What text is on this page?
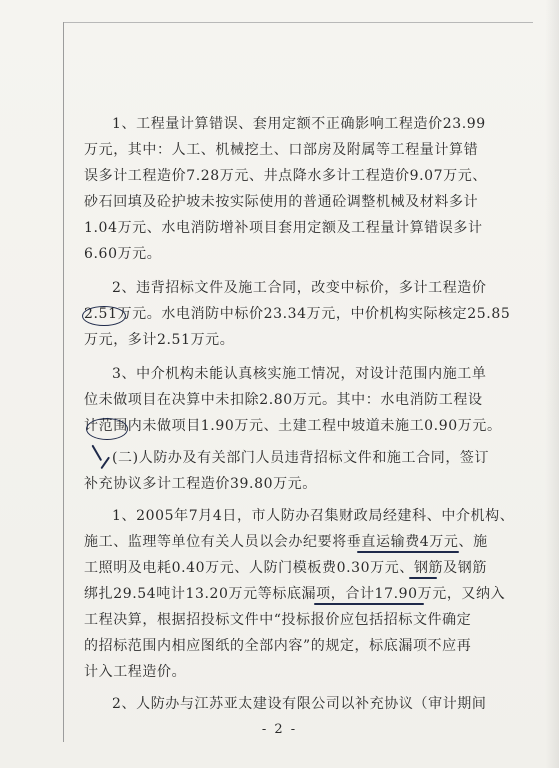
1、工程量计算错误、套用定额不正确影响工程造价23.99
万元，其中：人工、机械挖土、口部房及附属等工程量计算错
误多计工程造价7.28万元、井点降水多计工程造价9.07万元、
砂石回填及砼护坡未按实际使用的普通砼调整机械及材料多计
1.04万元、水电消防增补项目套用定额及工程量计算错误多计
6.60万元。
2、违背招标文件及施工合同，改变中标价，多计工程造价
2.51万元。水电消防中标价23.34万元，中价机构实际核定25.85
万元，多计2.51万元。
3、中介机构未能认真核实施工情况，对设计范围内施工单
位未做项目在决算中未扣除2.80万元。其中：水电消防工程设
计范围内未做项目1.90万元、土建工程中坡道未施工0.90万元。
(二)人防办及有关部门人员违背招标文件和施工合同，签订
补充协议多计工程造价39.80万元。
1、2005年7月4日，市人防办召集财政局经建科、中介机构、
施工、监理等单位有关人员以会办纪要将垂直运输费4万元、施
工照明及电耗0.40万元、人防门模板费0.30万元、钢筋及钢筋
绑扎29.54吨计13.20万元等标底漏项，合计17.90万元，又纳入
工程决算，根据招投标文件中“投标报价应包括招标文件确定
的招标范围内相应图纸的全部内容”的规定，标底漏项不应再
计入工程造价。
2、人防办与江苏亚太建设有限公司以补充协议（审计期间
- 2 -
